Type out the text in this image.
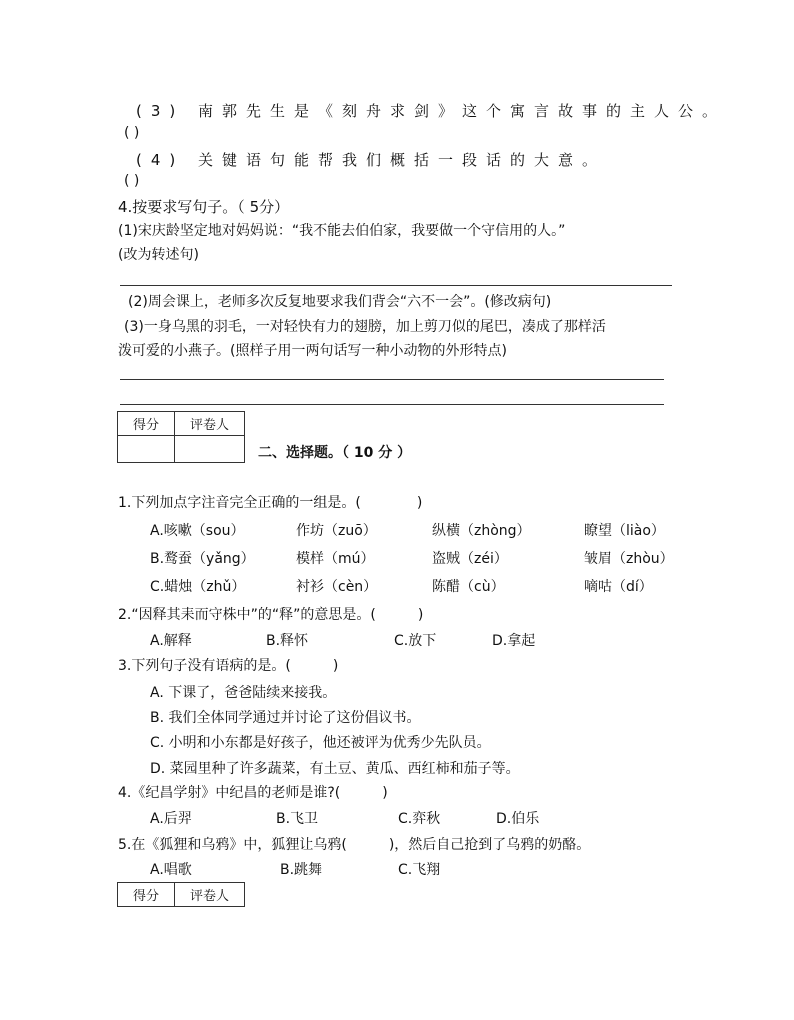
(3) 南郭先生是《刻舟求剑》这个寓言故事的主人公。
( )
(4) 关键语句能帮我们概括一段话的大意。
( )
4.按要求写句子。（ 5分）
(1)宋庆龄坚定地对妈妈说：“我不能去伯伯家，我要做一个守信用的人。”
(改为转述句)
(2)周会课上，老师多次反复地要求我们背会“六不一会”。(修改病句)
(3)一身乌黑的羽毛，一对轻快有力的翅膀，加上剪刀似的尾巴，凑成了那样活
泼可爱的小燕子。(照样子用一两句话写一种小动物的外形特点)
得分	评卷人

二、选择题。（ 10 分 ）
1.下列加点字注音完全正确的一组是。(　　　　)
A.咳嗽（sou）	作坊（zuō）	纵横（zhòng）	瞭望（liào）
B.鹜蚕（yǎng）	模样（mú）	盗贼（zéi）	皱眉（zhòu）
C.蜡烛（zhǔ）	衬衫（cèn）	陈醋（cù）	嘀咕（dí）
2.“因释其耒而守株中”的“释”的意思是。(　　　)
A.解释	B.释怀	C.放下	D.拿起
3.下列句子没有语病的是。(　　　)
A. 下课了，爸爸陆续来接我。
B. 我们全体同学通过并讨论了这份倡议书。
C. 小明和小东都是好孩子，他还被评为优秀少先队员。
D. 菜园里种了许多蔬菜，有土豆、黄瓜、西红柿和茄子等。
4.《纪昌学射》中纪昌的老师是谁?(　　　)
A.后羿	B.飞卫	C.弈秋	D.伯乐
5.在《狐狸和乌鸦》中，狐狸让乌鸦(　　　)，然后自己抢到了乌鸦的奶酪。
A.唱歌	B.跳舞	C.飞翔
得分	评卷人
